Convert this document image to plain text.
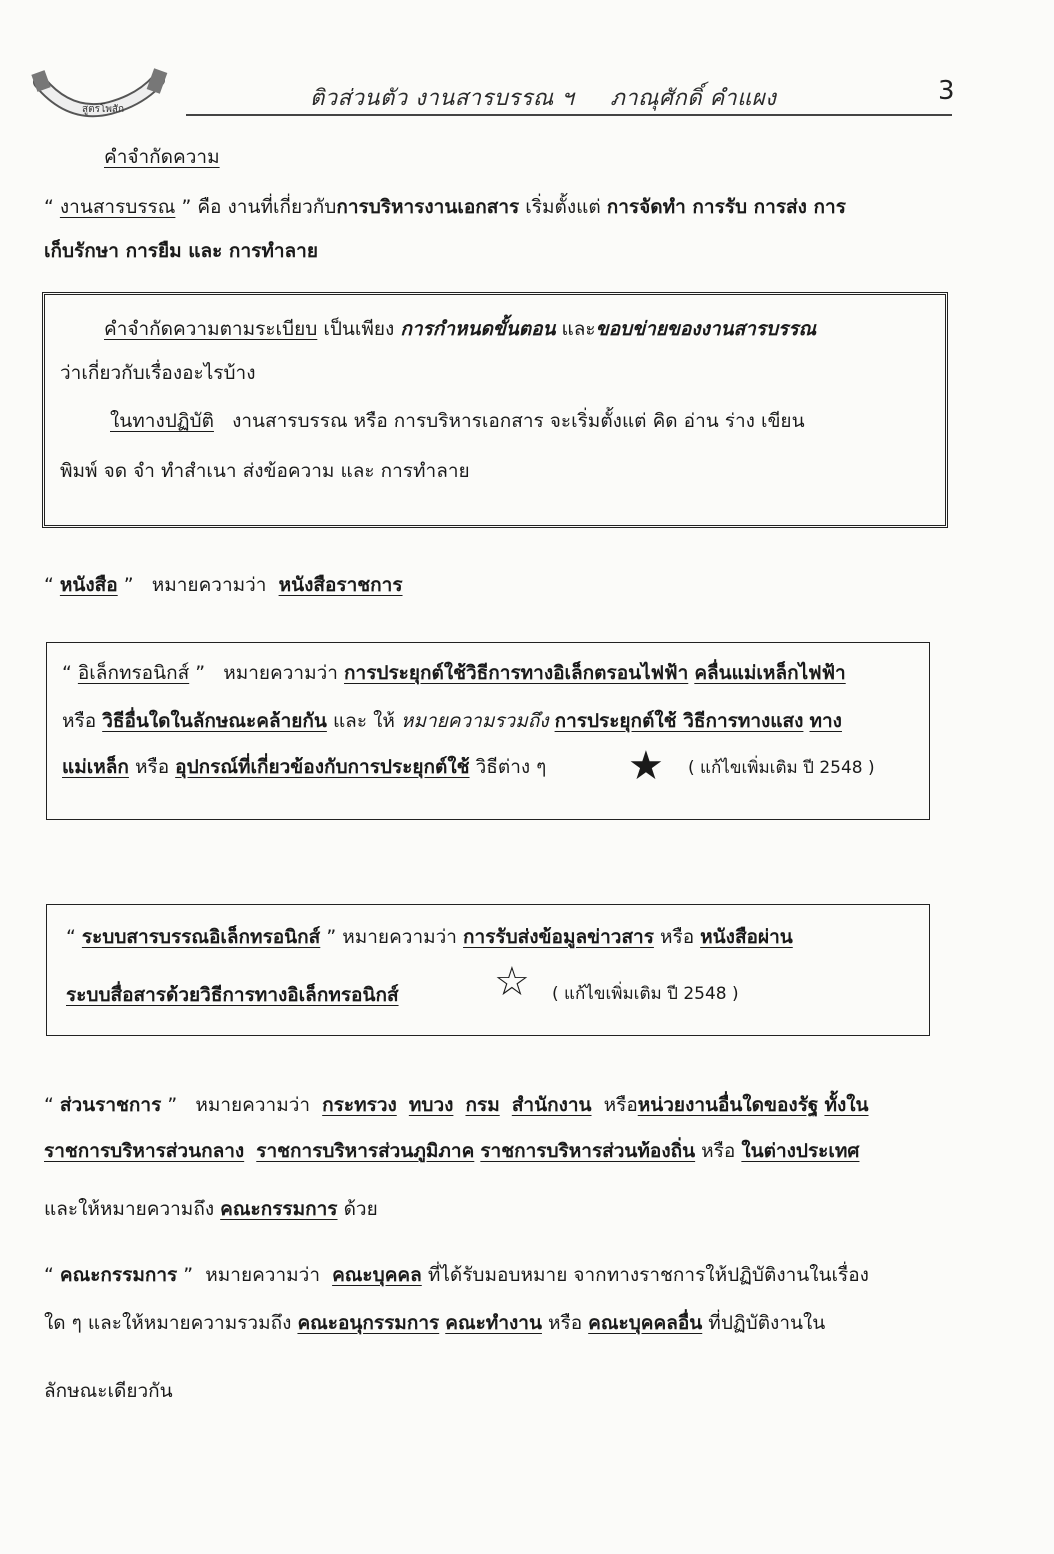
สูตรโพสัก	ติวส่วนตัว งานสารบรรณ ฯ ภาณุศักดิ์ คำแผง	3
คำจำกัดความ
“ งานสารบรรณ ” คือ งานที่เกี่ยวกับการบริหารงานเอกสาร เริ่มตั้งแต่ การจัดทำ การรับ การส่ง การ
เก็บรักษา การยืม และ การทำลาย
คำจำกัดความตามระเบียบ เป็นเพียง การกำหนดขั้นตอน และขอบข่ายของงานสารบรรณ
ว่าเกี่ยวกับเรื่องอะไรบ้าง
ในทางปฏิบัติ งานสารบรรณ หรือ การบริหารเอกสาร จะเริ่มตั้งแต่ คิด อ่าน ร่าง เขียน
พิมพ์ จด จำ ทำสำเนา ส่งข้อความ และ การทำลาย
“ หนังสือ ” หมายความว่า หนังสือราชการ
“ อิเล็กทรอนิกส์ ” หมายความว่า การประยุกต์ใช้วิธีการทางอิเล็กตรอนไฟฟ้า คลื่นแม่เหล็กไฟฟ้า
หรือ วิธีอื่นใดในลักษณะคล้ายกัน และ ให้ หมายความรวมถึง การประยุกต์ใช้ วิธีการทางแสง ทาง
แม่เหล็ก หรือ อุปกรณ์ที่เกี่ยวข้องกับการประยุกต์ใช้ วิธีต่าง ๆ ★ ( แก้ไขเพิ่มเติม ปี 2548 )
“ ระบบสารบรรณอิเล็กทรอนิกส์ ” หมายความว่า การรับส่งข้อมูลข่าวสาร หรือ หนังสือผ่าน
ระบบสื่อสารด้วยวิธีการทางอิเล็กทรอนิกส์ ☆ ( แก้ไขเพิ่มเติม ปี 2548 )
“ ส่วนราชการ ” หมายความว่า กระทรวง ทบวง กรม สำนักงาน หรือหน่วยงานอื่นใดของรัฐ ทั้งใน
ราชการบริหารส่วนกลาง ราชการบริหารส่วนภูมิภาค ราชการบริหารส่วนท้องถิ่น หรือ ในต่างประเทศ
และให้หมายความถึง คณะกรรมการ ด้วย
“ คณะกรรมการ ” หมายความว่า คณะบุคคล ที่ได้รับมอบหมาย จากทางราชการให้ปฏิบัติงานในเรื่อง
ใด ๆ และให้หมายความรวมถึง คณะอนุกรรมการ คณะทำงาน หรือ คณะบุคคลอื่น ที่ปฏิบัติงานใน
ลักษณะเดียวกัน
